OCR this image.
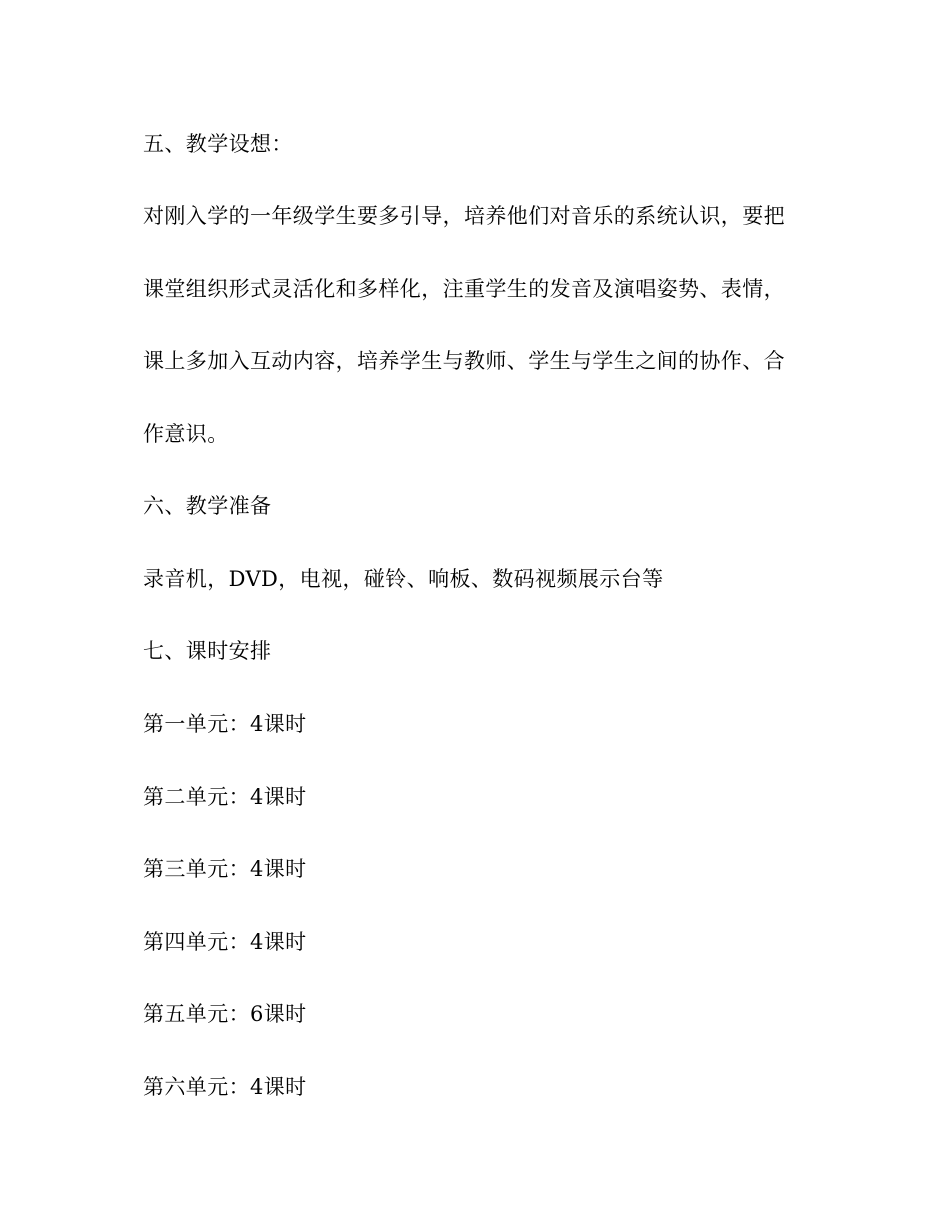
五、教学设想：
对刚入学的一年级学生要多引导，培养他们对音乐的系统认识，要把
课堂组织形式灵活化和多样化，注重学生的发音及演唱姿势、表情，
课上多加入互动内容，培养学生与教师、学生与学生之间的协作、合
作意识。
六、教学准备
录音机，DVD，电视，碰铃、响板、数码视频展示台等
七、课时安排
第一单元：4课时
第二单元：4课时
第三单元：4课时
第四单元：4课时
第五单元：6课时
第六单元：4课时
